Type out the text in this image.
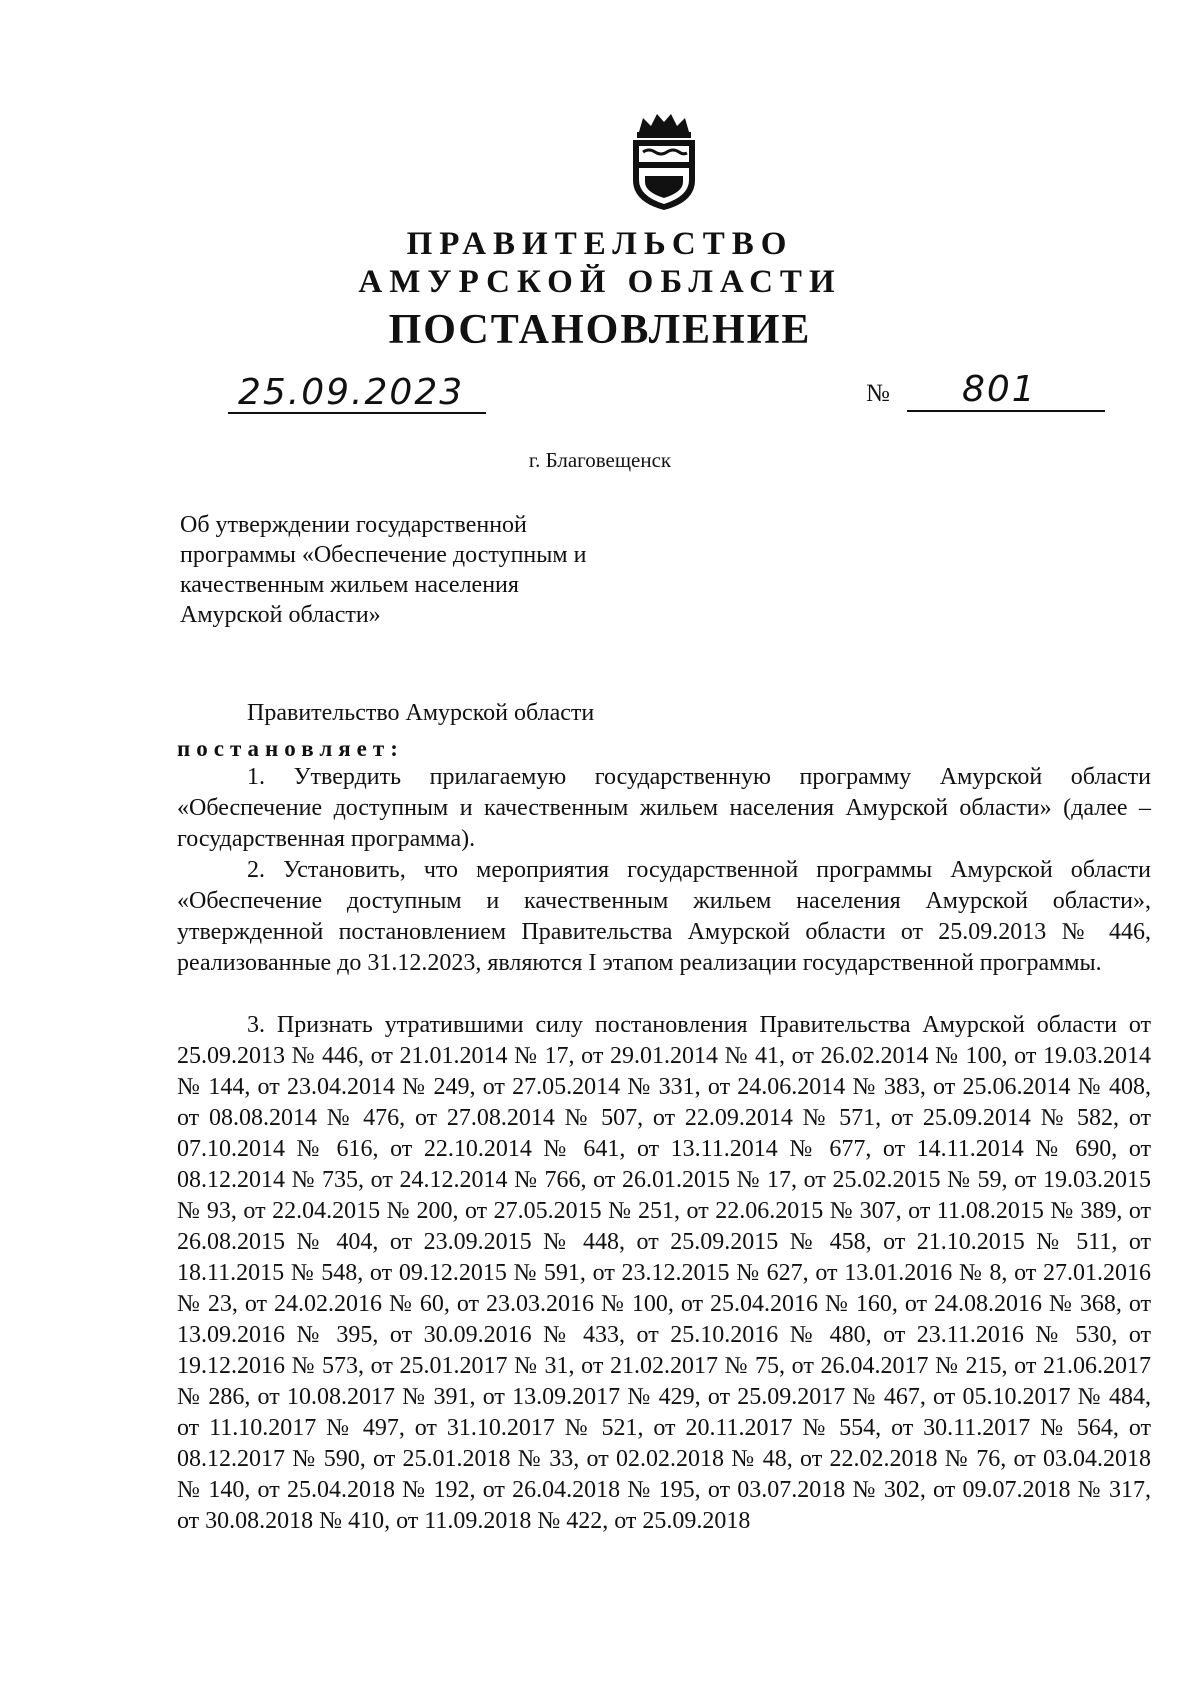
ПРАВИТЕЛЬСТВО
АМУРСКОЙ ОБЛАСТИ
ПОСТАНОВЛЕНИЕ
25.09.2023	№ 801
г. Благовещенск
Об утверждении государственной программы «Обеспечение доступным и качественным жильем населения Амурской области»
Правительство Амурской области
постановляет:

1. Утвердить прилагаемую государственную программу Амурской области «Обеспечение доступным и качественным жильем населения Амурской области» (далее – государственная программа).

2. Установить, что мероприятия государственной программы Амурской области «Обеспечение доступным и качественным жильем населения Амурской области», утвержденной постановлением Правительства Амурской области от 25.09.2013 № 446, реализованные до 31.12.2023, являются I этапом реализации государственной программы.

3. Признать утратившими силу постановления Правительства Амурской области от 25.09.2013 № 446, от 21.01.2014 № 17, от 29.01.2014 № 41, от 26.02.2014 № 100, от 19.03.2014 № 144, от 23.04.2014 № 249, от 27.05.2014 № 331, от 24.06.2014 № 383, от 25.06.2014 № 408, от 08.08.2014 № 476, от 27.08.2014 № 507, от 22.09.2014 № 571, от 25.09.2014 № 582, от 07.10.2014 № 616, от 22.10.2014 № 641, от 13.11.2014 № 677, от 14.11.2014 № 690, от 08.12.2014 № 735, от 24.12.2014 № 766, от 26.01.2015 № 17, от 25.02.2015 № 59, от 19.03.2015 № 93, от 22.04.2015 № 200, от 27.05.2015 № 251, от 22.06.2015 № 307, от 11.08.2015 № 389, от 26.08.2015 № 404, от 23.09.2015 № 448, от 25.09.2015 № 458, от 21.10.2015 № 511, от 18.11.2015 № 548, от 09.12.2015 № 591, от 23.12.2015 № 627, от 13.01.2016 № 8, от 27.01.2016 № 23, от 24.02.2016 № 60, от 23.03.2016 № 100, от 25.04.2016 № 160, от 24.08.2016 № 368, от 13.09.2016 № 395, от 30.09.2016 № 433, от 25.10.2016 № 480, от 23.11.2016 № 530, от 19.12.2016 № 573, от 25.01.2017 № 31, от 21.02.2017 № 75, от 26.04.2017 № 215, от 21.06.2017 № 286, от 10.08.2017 № 391, от 13.09.2017 № 429, от 25.09.2017 № 467, от 05.10.2017 № 484, от 11.10.2017 № 497, от 31.10.2017 № 521, от 20.11.2017 № 554, от 30.11.2017 № 564, от 08.12.2017 № 590, от 25.01.2018 № 33, от 02.02.2018 № 48, от 22.02.2018 № 76, от 03.04.2018 № 140, от 25.04.2018 № 192, от 26.04.2018 № 195, от 03.07.2018 № 302, от 09.07.2018 № 317, от 30.08.2018 № 410, от 11.09.2018 № 422, от 25.09.2018
